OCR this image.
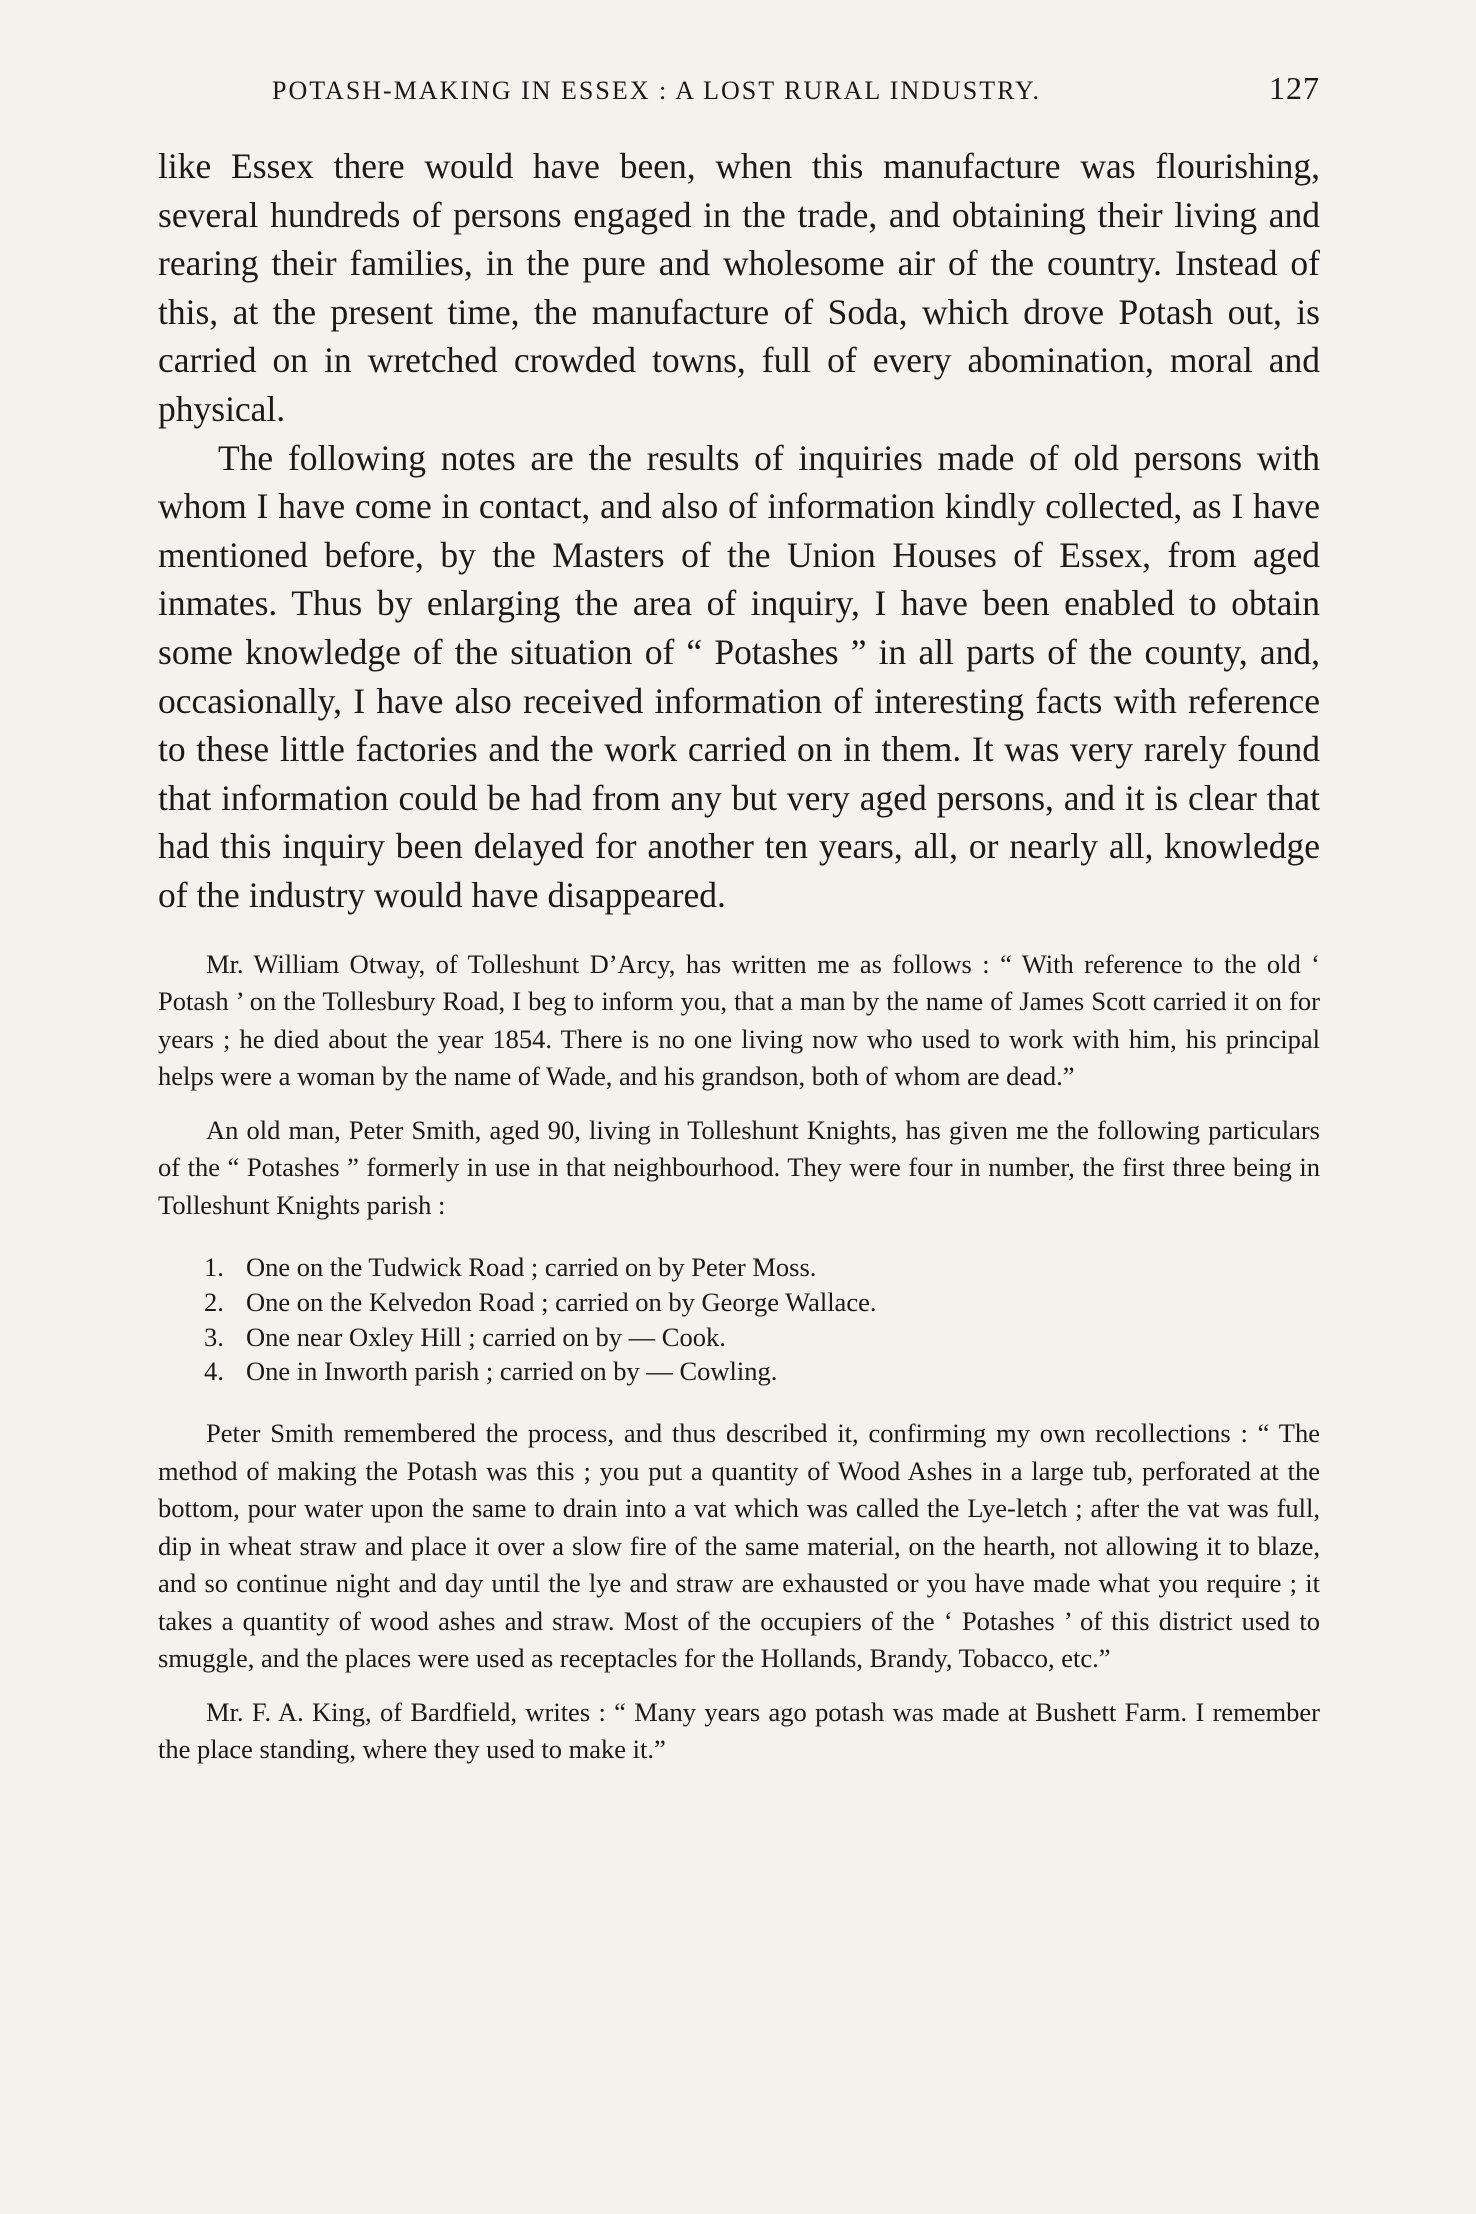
POTASH-MAKING IN ESSEX : A LOST RURAL INDUSTRY.	127

like Essex there would have been, when this manufacture was flourishing, several hundreds of persons engaged in the trade, and obtaining their living and rearing their families, in the pure and wholesome air of the country. Instead of this, at the present time, the manufacture of Soda, which drove Potash out, is carried on in wretched crowded towns, full of every abomination, moral and physical.

The following notes are the results of inquiries made of old persons with whom I have come in contact, and also of information kindly collected, as I have mentioned before, by the Masters of the Union Houses of Essex, from aged inmates. Thus by enlarging the area of inquiry, I have been enabled to obtain some knowledge of the situation of “ Potashes ” in all parts of the county, and, occasionally, I have also received information of interesting facts with reference to these little factories and the work carried on in them. It was very rarely found that information could be had from any but very aged persons, and it is clear that had this inquiry been delayed for another ten years, all, or nearly all, knowledge of the industry would have disappeared.

Mr. William Otway, of Tolleshunt D’Arcy, has written me as follows : “ With reference to the old ‘ Potash ’ on the Tollesbury Road, I beg to inform you, that a man by the name of James Scott carried it on for years ; he died about the year 1854. There is no one living now who used to work with him, his principal helps were a woman by the name of Wade, and his grandson, both of whom are dead.”

An old man, Peter Smith, aged 90, living in Tolleshunt Knights, has given me the following particulars of the “ Potashes ” formerly in use in that neighbourhood. They were four in number, the first three being in Tolleshunt Knights parish :

1. One on the Tudwick Road ; carried on by Peter Moss.
2. One on the Kelvedon Road ; carried on by George Wallace.
3. One near Oxley Hill ; carried on by — Cook.
4. One in Inworth parish ; carried on by — Cowling.

Peter Smith remembered the process, and thus described it, confirming my own recollections : “ The method of making the Potash was this ; you put a quantity of Wood Ashes in a large tub, perforated at the bottom, pour water upon the same to drain into a vat which was called the Lye-letch ; after the vat was full, dip in wheat straw and place it over a slow fire of the same material, on the hearth, not allowing it to blaze, and so continue night and day until the lye and straw are exhausted or you have made what you require ; it takes a quantity of wood ashes and straw. Most of the occupiers of the ‘ Potashes ’ of this district used to smuggle, and the places were used as receptacles for the Hollands, Brandy, Tobacco, etc.”

Mr. F. A. King, of Bardfield, writes : “ Many years ago potash was made at Bushett Farm. I remember the place standing, where they used to make it.”
